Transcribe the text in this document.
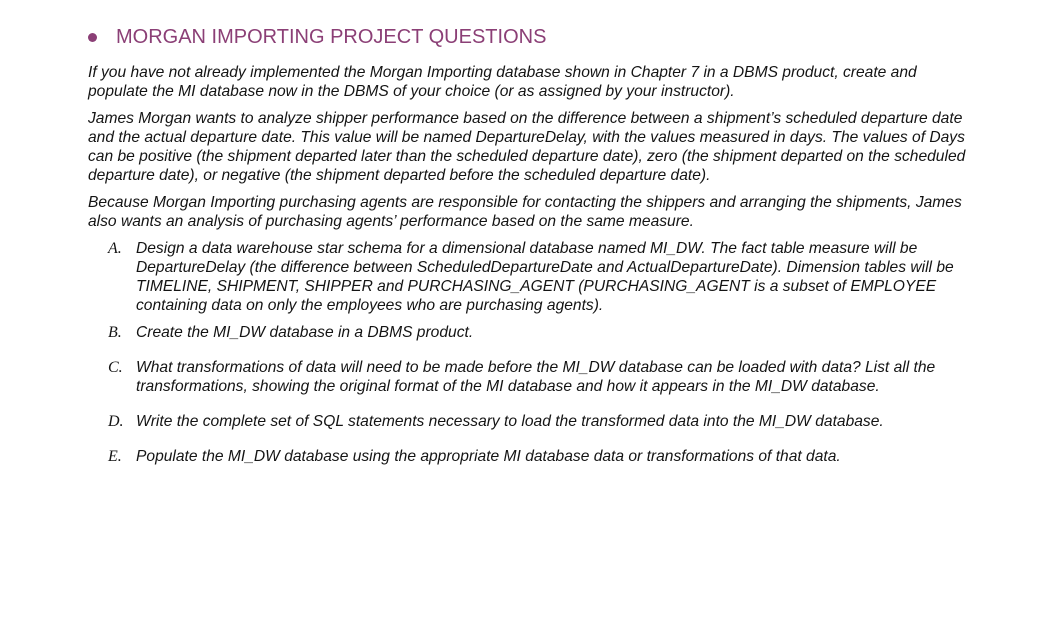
MORGAN IMPORTING PROJECT QUESTIONS

If you have not already implemented the Morgan Importing database shown in Chapter 7 in a DBMS product, create and populate the MI database now in the DBMS of your choice (or as assigned by your instructor).

James Morgan wants to analyze shipper performance based on the difference between a shipment’s scheduled departure date and the actual departure date. This value will be named DepartureDelay, with the values measured in days. The values of Days can be positive (the shipment departed later than the scheduled departure date), zero (the shipment departed on the scheduled departure date), or negative (the shipment departed before the scheduled departure date).

Because Morgan Importing purchasing agents are responsible for contacting the shippers and arranging the shipments, James also wants an analysis of purchasing agents’ performance based on the same measure.

A. Design a data warehouse star schema for a dimensional database named MI_DW. The fact table measure will be DepartureDelay (the difference between ScheduledDepartureDate and ActualDepartureDate). Dimension tables will be TIMELINE, SHIPMENT, SHIPPER and PURCHASING_AGENT (PURCHASING_AGENT is a subset of EMPLOYEE containing data on only the employees who are purchasing agents).
B. Create the MI_DW database in a DBMS product.
C. What transformations of data will need to be made before the MI_DW database can be loaded with data? List all the transformations, showing the original format of the MI database and how it appears in the MI_DW database.
D. Write the complete set of SQL statements necessary to load the transformed data into the MI_DW database.
E. Populate the MI_DW database using the appropriate MI database data or transformations of that data.
